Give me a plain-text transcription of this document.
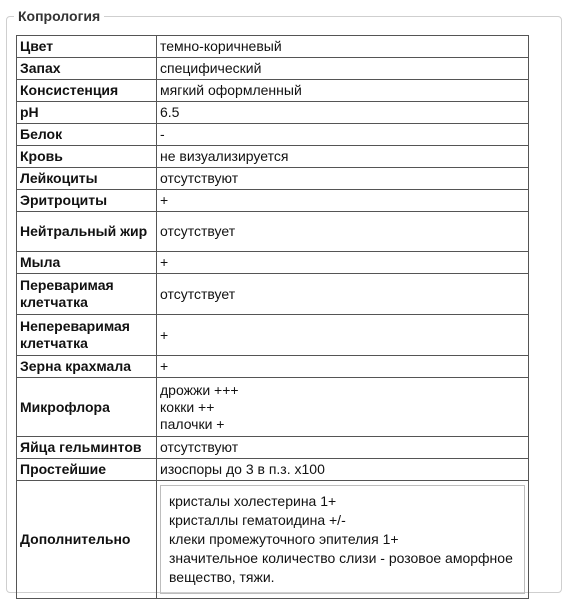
Копрология
Цвет	темно-коричневый
Запах	специфический
Консистенция	мягкий оформленный
pH	6.5
Белок	-
Кровь	не визуализируется
Лейкоциты	отсутствуют
Эритроциты	+
Нейтральный жир	отсутствует
Мыла	+
Переваримая клетчатка	отсутствует
Непереваримая клетчатка	+
Зерна крахмала	+
Микрофлора	дрожжи +++
кокки ++
палочки +

Яйца гельминтов	отсутствуют
Простейшие	изоспоры до 3 в п.з. х100
Дополнительно	кристалы холестерина 1+
кристаллы гематоидина +/-
клеки промежуточного эпителия 1+
значительное количество слизи - розовое аморфное вещество, тяжи.
